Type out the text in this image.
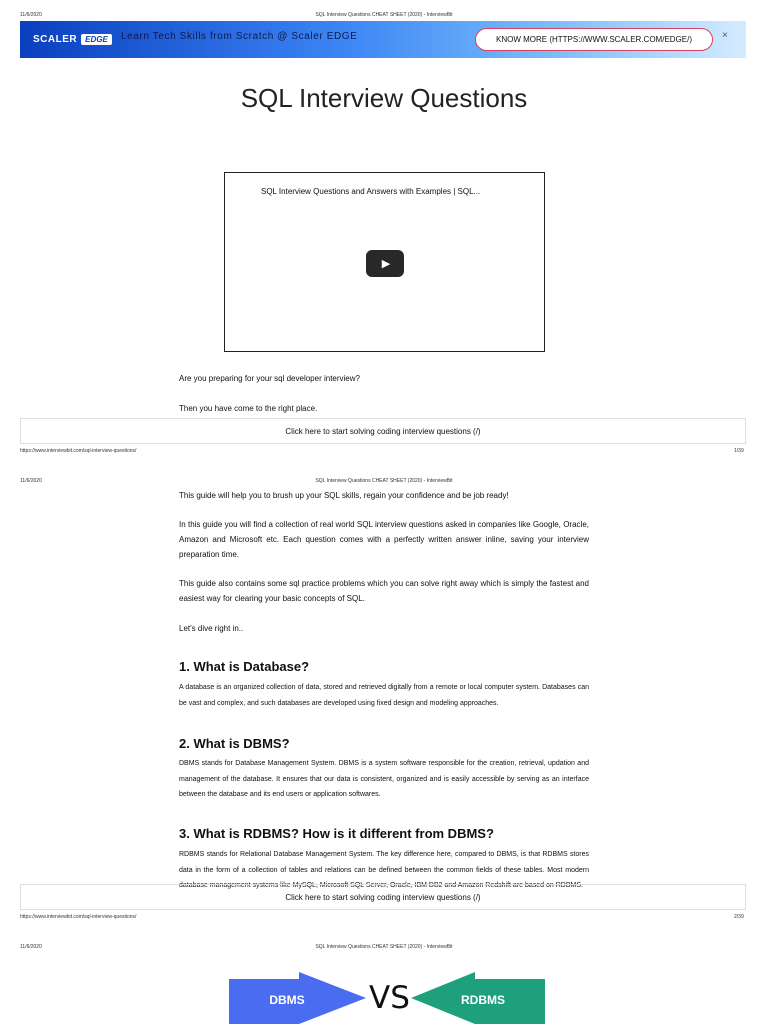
11/6/2020	SQL Interview Questions CHEAT SHEET (2020) - InterviewBit
SCALER	EDGE	Learn Tech Skills from Scratch @ Scaler EDGE	KNOW MORE (HTTPS://WWW.SCALER.COM/EDGE/)	×
SQL Interview Questions
SQL Interview Questions and Answers with Examples | SQL...
▶
Are you preparing for your sql developer interview?
Then you have come to the right place.
Click here to start solving coding interview questions (/)
https://www.interviewbit.com/sql-interview-questions/	1/39
11/6/2020	SQL Interview Questions CHEAT SHEET (2020) - InterviewBit
This guide will help you to brush up your SQL skills, regain your confidence and be job ready!
In this guide you will find a collection of real world SQL interview questions asked in companies like Google, Oracle, Amazon and Microsoft etc. Each question comes with a perfectly written answer inline, saving your interview preparation time.
This guide also contains some sql practice problems which you can solve right away which is simply the fastest and easiest way for clearing your basic concepts of SQL.
Let's dive right in..
1. What is Database?
A database is an organized collection of data, stored and retrieved digitally from a remote or local computer system. Databases can be vast and complex, and such databases are developed using fixed design and modeling approaches.
2. What is DBMS?
DBMS stands for Database Management System. DBMS is a system software responsible for the creation, retrieval, updation and management of the database. It ensures that our data is consistent, organized and is easily accessible by serving as an interface between the database and its end users or application softwares.
3. What is RDBMS? How is it different from DBMS?
RDBMS stands for Relational Database Management System. The key difference here, compared to DBMS, is that RDBMS stores data in the form of a collection of tables and relations can be defined between the common fields of these tables. Most modern database management systems like MySQL, Microsoft SQL Server, Oracle, IBM DB2 and Amazon Redshift are based on RDBMS.
Click here to start solving coding interview questions (/)
https://www.interviewbit.com/sql-interview-questions/	2/39
11/6/2020	SQL Interview Questions CHEAT SHEET (2020) - InterviewBit
DBMS VS	RDBMS
